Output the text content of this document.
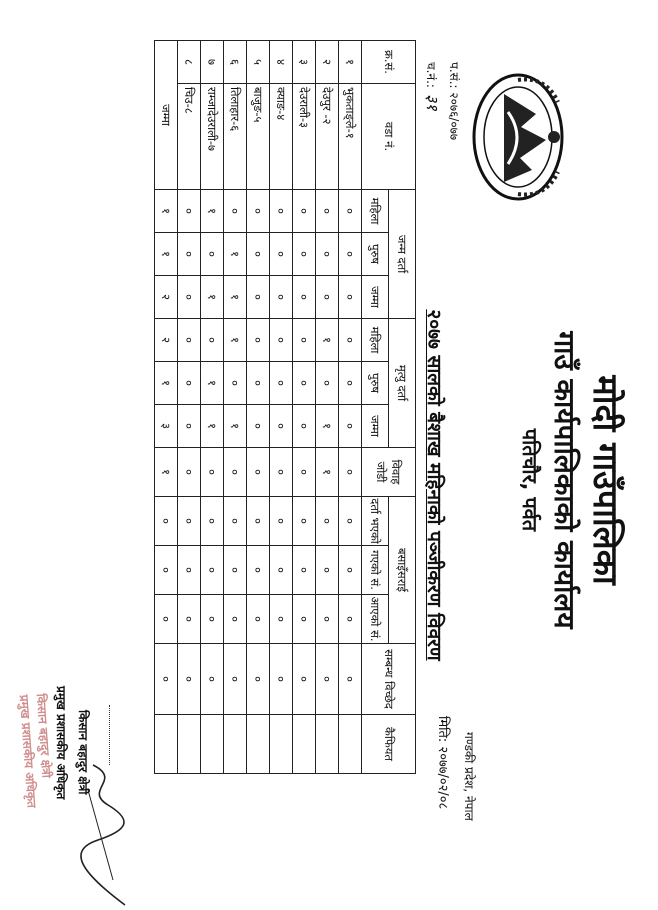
मोदी गाउँपालिका
गाउँ कार्यपालिकाको कार्यालय
पतिचौर, पर्वत
प.सं.: २०७६/०७७
च.नं.:३१
गण्डकी प्रदेश, नेपाल
मिति: २०७७/०२/०८
२०७७ सालको बैशाख महिनाको पञ्जीकरण विवरण
क्र.सं.	वडा नं.	जन्म दर्ता			मृत्यु दर्ता			विवाह जोडी	बसाइँसराई			सम्बन्ध विच्छेद	कैफियत
		महिला	पुरुष	जम्मा	महिला	पुरुष	जम्मा		दर्ता भएको	गएको सं.	आएको सं.		
१	भुकताङ्ले-१	०	०	०	०	०	०	०	०	०	०	०	
२	देउपुर -२	०	०	०	१	०	१	१	०	०	०	०	
३	देउराली-३	०	०	०	०	०	०	०	०	०	०	०	
४	क्याङ-४	०	०	०	०	०	०	०	०	०	०	०	
५	बाजुङ-५	०	०	०	०	०	०	०	०	०	०	०	
६	तिलाहार-६	०	१	१	१	०	१	०	०	०	०	०	
७	राम्जादेउराली-७	१	०	१	०	१	१	०	०	०	०	०	
८	चिउ-८	०	०	०	०	०	०	०	०	०	०	०	
जम्मा		१	१	२	२	१	३	१	०	०	०	०	
किसान बहादुर क्षेत्री
प्रमुख प्रशासकीय अधिकृत
किसान बहादुर क्षेत्री
प्रमुख प्रशासकीय अधिकृत
